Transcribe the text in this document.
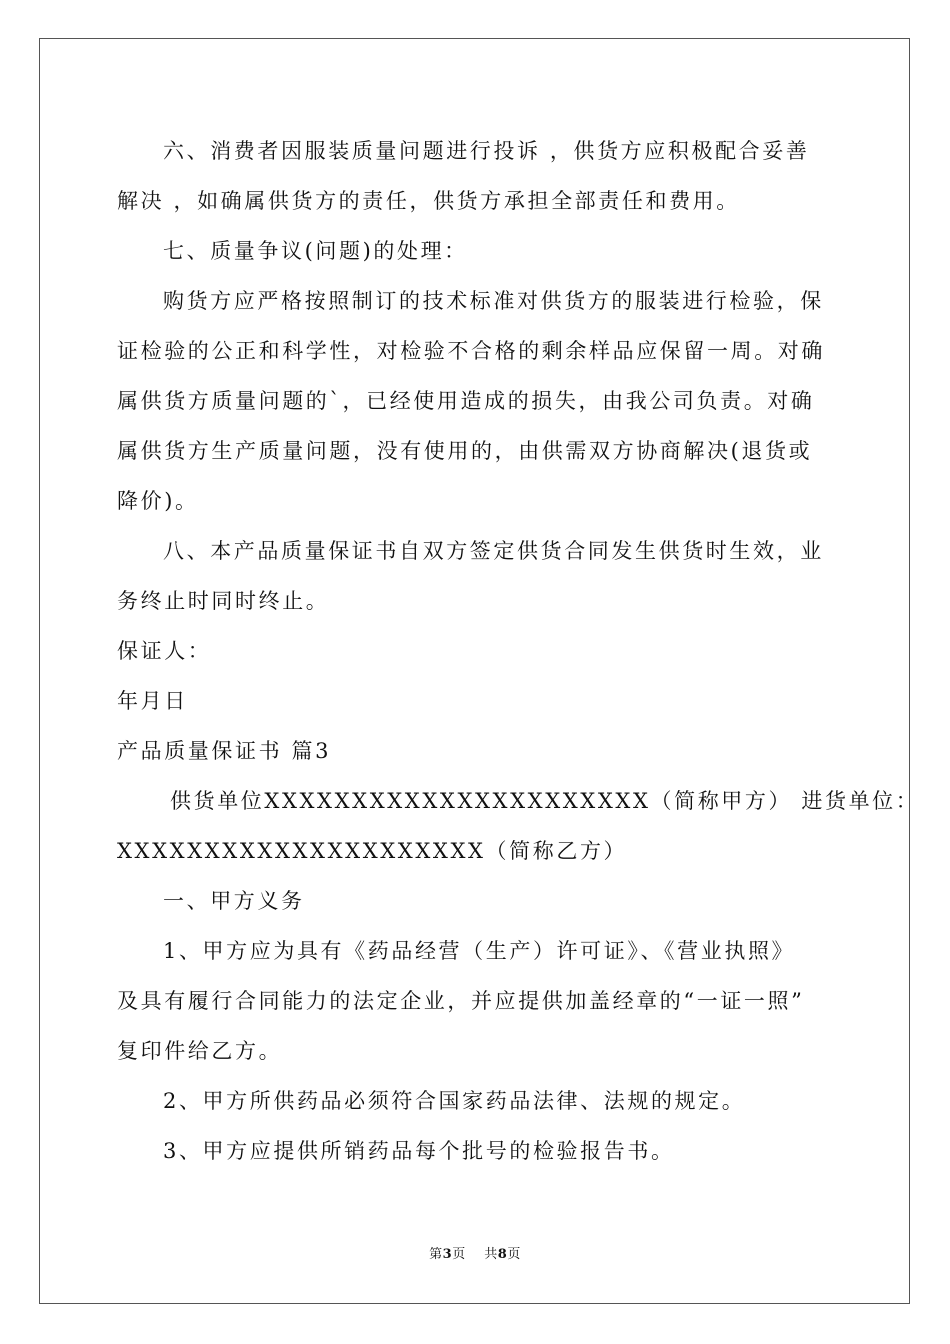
六、消费者因服装质量问题进行投诉 ，供货方应积极配合妥善
解决 ，如确属供货方的责任，供货方承担全部责任和费用。
七、质量争议(问题)的处理：
购货方应严格按照制订的技术标准对供货方的服装进行检验，保
证检验的公正和科学性，对检验不合格的剩余样品应保留一周。对确
属供货方质量问题的`，已经使用造成的损失，由我公司负责。对确
属供货方生产质量问题，没有使用的，由供需双方协商解决(退货或
降价)。
八、本产品质量保证书自双方签定供货合同发生供货时生效，业
务终止时同时终止。
保证人：
年月日
产品质量保证书 篇3
供货单位XXXXXXXXXXXXXXXXXXXXXX（简称甲方） 进货单位：
XXXXXXXXXXXXXXXXXXXXX（简称乙方）
一、甲方义务
1、甲方应为具有《药品经营（生产）许可证》、《营业执照》
及具有履行合同能力的法定企业，并应提供加盖经章的“一证一照”
复印件给乙方。
2、甲方所供药品必须符合国家药品法律、法规的规定。
3、甲方应提供所销药品每个批号的检验报告书。
第3页 共8页
